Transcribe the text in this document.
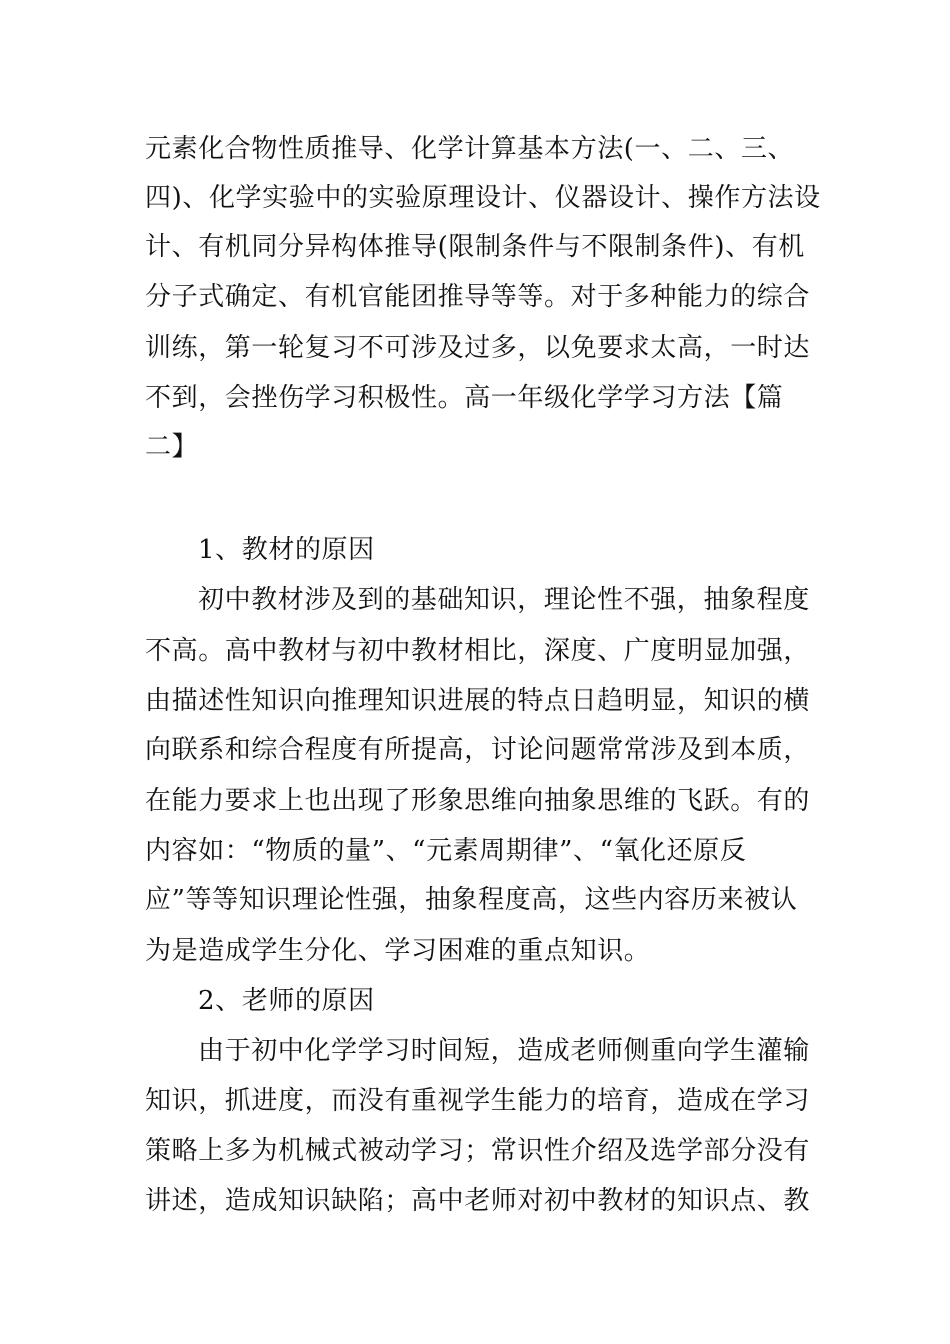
元素化合物性质推导、化学计算基本方法(一、二、三、
四)、化学实验中的实验原理设计、仪器设计、操作方法设
计、有机同分异构体推导(限制条件与不限制条件)、有机
分子式确定、有机官能团推导等等。对于多种能力的综合
训练，第一轮复习不可涉及过多，以免要求太高，一时达
不到，会挫伤学习积极性。高一年级化学学习方法【篇
二】
1、教材的原因
初中教材涉及到的基础知识，理论性不强，抽象程度
不高。高中教材与初中教材相比，深度、广度明显加强，
由描述性知识向推理知识进展的特点日趋明显，知识的横
向联系和综合程度有所提高，讨论问题常常涉及到本质，
在能力要求上也出现了形象思维向抽象思维的飞跃。有的
内容如：“物质的量”、“元素周期律”、“氧化还原反
应”等等知识理论性强，抽象程度高，这些内容历来被认
为是造成学生分化、学习困难的重点知识。
2、老师的原因
由于初中化学学习时间短，造成老师侧重向学生灌输
知识，抓进度，而没有重视学生能力的培育，造成在学习
策略上多为机械式被动学习；常识性介绍及选学部分没有
讲述，造成知识缺陷；高中老师对初中教材的知识点、教
